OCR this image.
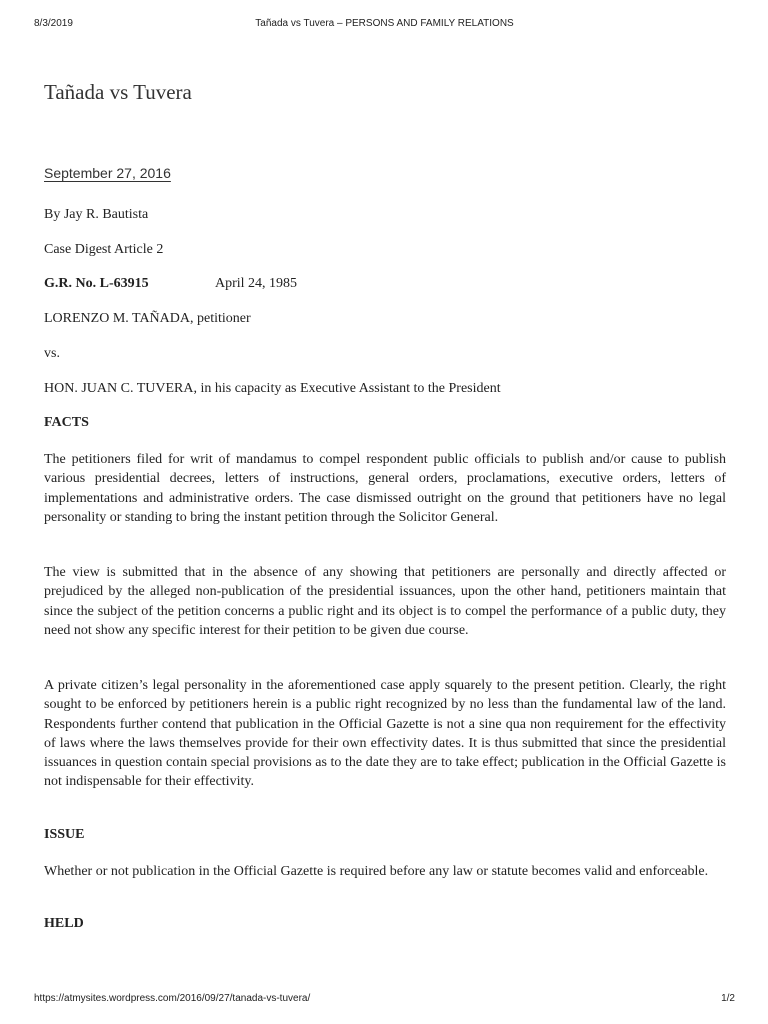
8/3/2019	Tañada vs Tuvera – PERSONS AND FAMILY RELATIONS
Tañada vs Tuvera
September 27, 2016
By Jay R. Bautista
Case Digest Article 2
G.R. No. L-63915	April 24, 1985
LORENZO M. TAÑADA, petitioner
vs.
HON. JUAN C. TUVERA, in his capacity as Executive Assistant to the President
FACTS

The petitioners filed for writ of mandamus to compel respondent public officials to publish and/or cause to publish various presidential decrees, letters of instructions, general orders, proclamations, executive orders, letters of implementations and administrative orders. The case dismissed outright on the ground that petitioners have no legal personality or standing to bring the instant petition through the Solicitor General.

The view is submitted that in the absence of any showing that petitioners are personally and directly affected or prejudiced by the alleged non-publication of the presidential issuances, upon the other hand, petitioners maintain that since the subject of the petition concerns a public right and its object is to compel the performance of a public duty, they need not show any specific interest for their petition to be given due course.

A private citizen’s legal personality in the aforementioned case apply squarely to the present petition. Clearly, the right sought to be enforced by petitioners herein is a public right recognized by no less than the fundamental law of the land. Respondents further contend that publication in the Official Gazette is not a sine qua non requirement for the effectivity of laws where the laws themselves provide for their own effectivity dates. It is thus submitted that since the presidential issuances in question contain special provisions as to the date they are to take effect; publication in the Official Gazette is not indispensable for their effectivity.

ISSUE

Whether or not publication in the Official Gazette is required before any law or statute becomes valid and enforceable.

HELD
https://atmysites.wordpress.com/2016/09/27/tanada-vs-tuvera/	1/2
